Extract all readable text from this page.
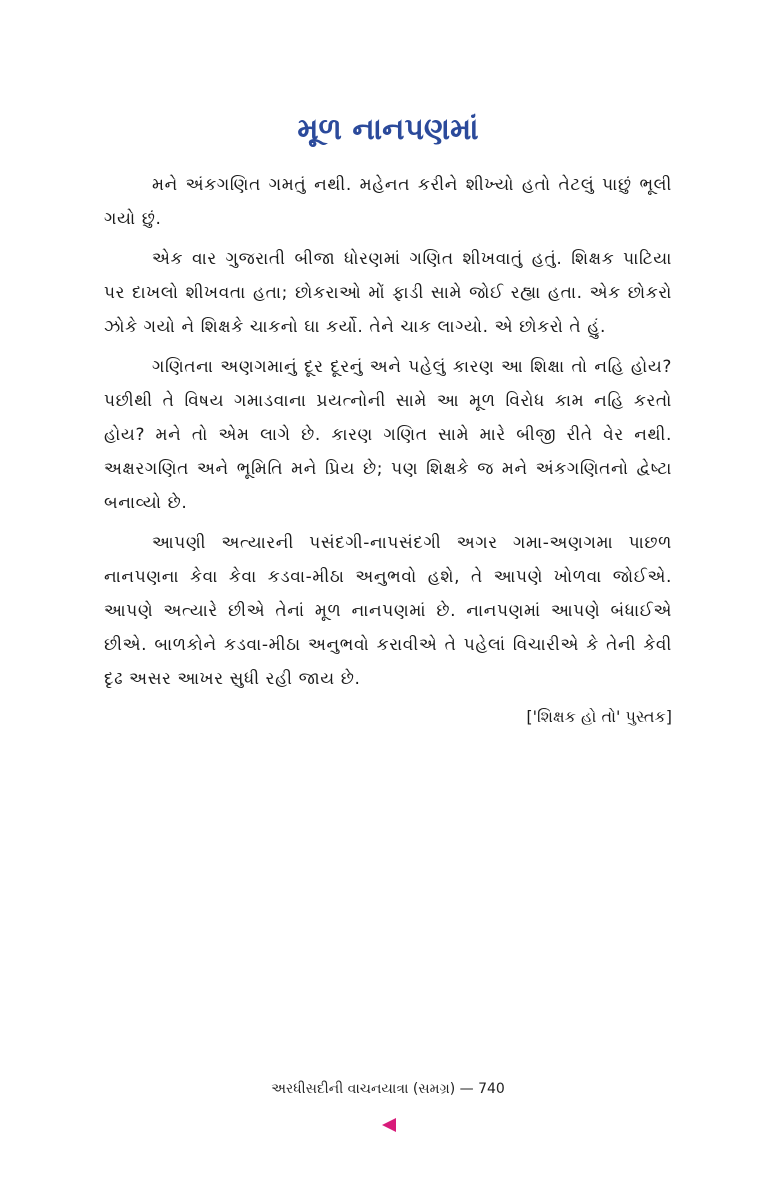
મૂળ નાનપણમાં

મને અંકગણિત ગમતું નથી. મહેનત કરીને શીખ્યો હતો તેટલું પાછું ભૂલી ગયો છું.

એક વાર ગુજરાતી બીજા ધોરણમાં ગણિત શીખવાતું હતું. શિક્ષક પાટિયા પર દાખલો શીખવતા હતા; છોકરાઓ મોં ફાડી સામે જોઈ રહ્યા હતા. એક છોકરો ઝોકે ગયો ને શિક્ષકે ચાકનો ઘા કર્યો. તેને ચાક લાગ્યો. એ છોકરો તે હું.

ગણિતના અણગમાનું દૂર દૂરનું અને પહેલું કારણ આ શિક્ષા તો નહિ હોય? પછીથી તે વિષય ગમાડવાના પ્રયત્નોની સામે આ મૂળ વિરોધ કામ નહિ કરતો હોય? મને તો એમ લાગે છે. કારણ ગણિત સામે મારે બીજી રીતે વેર નથી. અક્ષરગણિત અને ભૂમિતિ મને પ્રિય છે; પણ શિક્ષકે જ મને અંકગણિતનો દ્વેષ્ટા બનાવ્યો છે.

આપણી અત્યારની પસંદગી-નાપસંદગી અગર ગમા-અણગમા પાછળ નાનપણના કેવા કેવા કડવા-મીઠા અનુભવો હશે, તે આપણે ખોળવા જોઈએ. આપણે અત્યારે છીએ તેનાં મૂળ નાનપણમાં છે. નાનપણમાં આપણે બંધાઈએ છીએ. બાળકોને કડવા-મીઠા અનુભવો કરાવીએ તે પહેલાં વિચારીએ કે તેની કેવી દૃઢ અસર આખર સુધી રહી જાય છે.

['શિક્ષક હો તો' પુસ્તક]
અરધીસદીની વાચનયાત્રા (સમગ્ર) — 740
